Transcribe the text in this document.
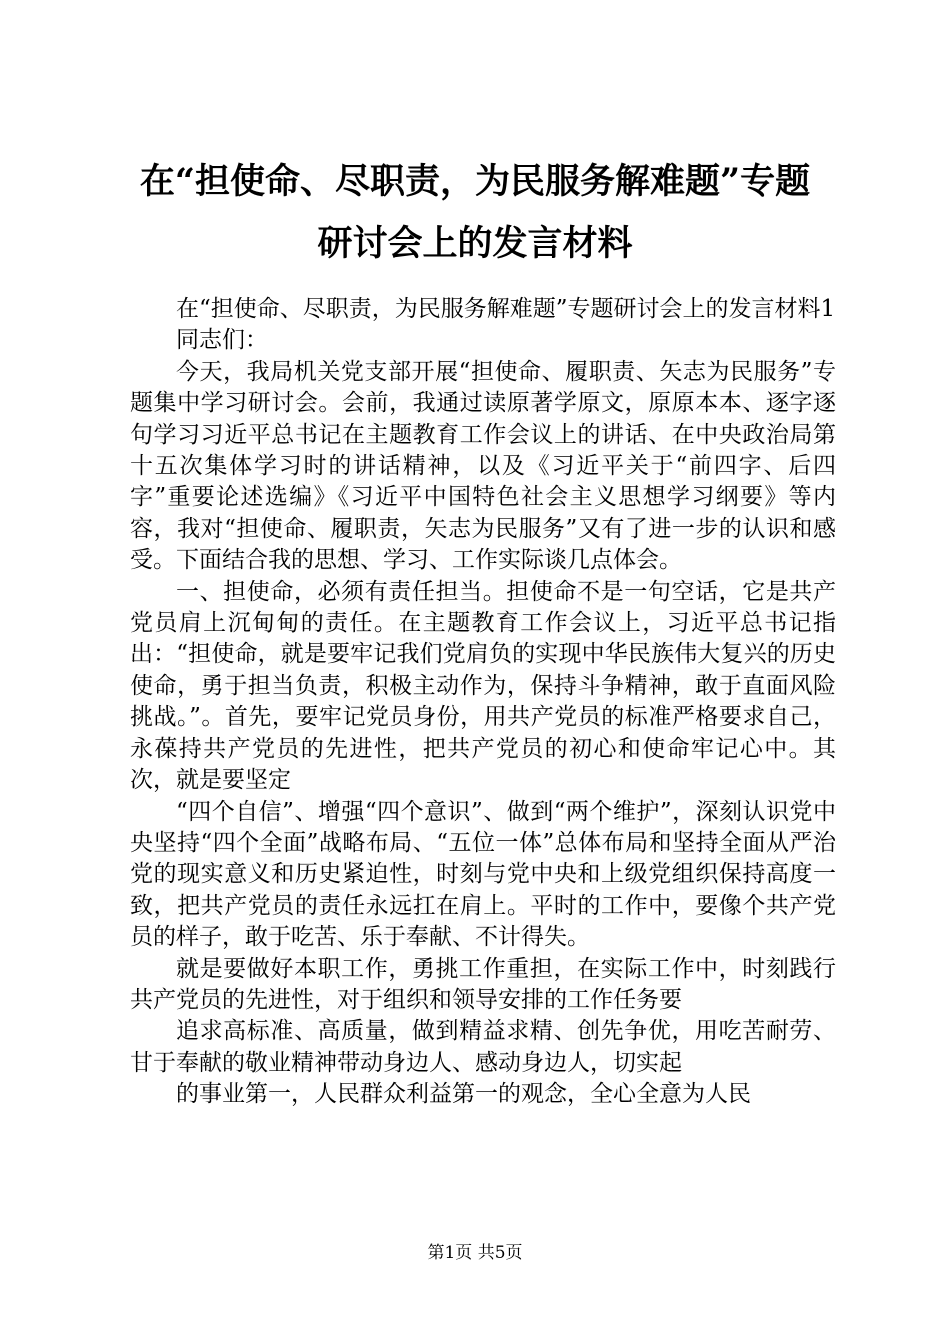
在“担使命、尽职责，为民服务解难题”专题
研讨会上的发言材料

在“担使命、尽职责，为民服务解难题”专题研讨会上的发言材料1

同志们：

今天，我局机关党支部开展“担使命、履职责、矢志为民服务”专题集中学习研讨会。会前，我通过读原著学原文，原原本本、逐字逐句学习习近平总书记在主题教育工作会议上的讲话、在中央政治局第十五次集体学习时的讲话精神，以及《习近平关于“前四字、后四字”重要论述选编》《习近平中国特色社会主义思想学习纲要》等内容，我对“担使命、履职责，矢志为民服务”又有了进一步的认识和感受。下面结合我的思想、学习、工作实际谈几点体会。

一、担使命，必须有责任担当。担使命不是一句空话，它是共产党员肩上沉甸甸的责任。在主题教育工作会议上，习近平总书记指出：“担使命，就是要牢记我们党肩负的实现中华民族伟大复兴的历史使命，勇于担当负责，积极主动作为，保持斗争精神，敢于直面风险挑战。”。首先，要牢记党员身份，用共产党员的标准严格要求自己，永葆持共产党员的先进性，把共产党员的初心和使命牢记心中。其次，就是要坚定

“四个自信”、增强“四个意识”、做到“两个维护”，深刻认识党中央坚持“四个全面”战略布局、“五位一体”总体布局和坚持全面从严治党的现实意义和历史紧迫性，时刻与党中央和上级党组织保持高度一致，把共产党员的责任永远扛在肩上。平时的工作中，要像个共产党员的样子，敢于吃苦、乐于奉献、不计得失。

就是要做好本职工作，勇挑工作重担，在实际工作中，时刻践行共产党员的先进性，对于组织和领导安排的工作任务要

追求高标准、高质量，做到精益求精、创先争优，用吃苦耐劳、甘于奉献的敬业精神带动身边人、感动身边人，切实起

的事业第一，人民群众利益第一的观念，全心全意为人民

第1页 共5页
